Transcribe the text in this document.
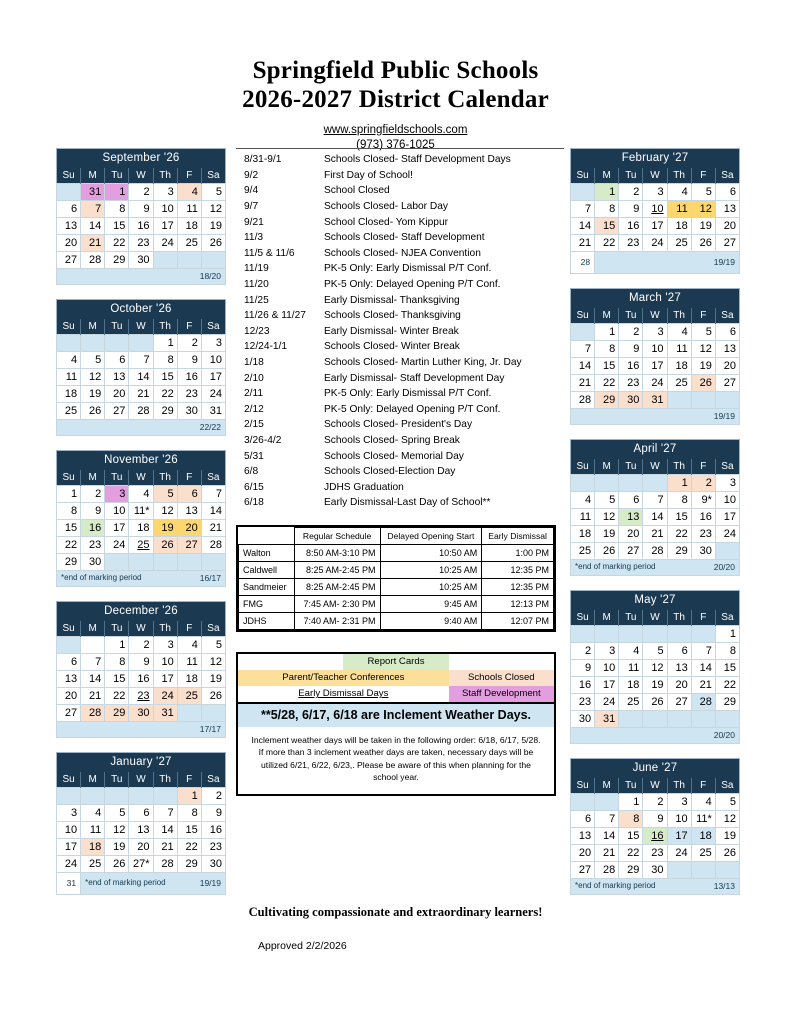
Springfield Public Schools
2026-2027 District Calendar
www.springfieldschools.com
(973) 376-1025
September '26						
Su	M	Tu	W	Th	F	Sa
	31	1	2	3	4	5
6	7	8	9	10	11	12
13	14	15	16	17	18	19
20	21	22	23	24	25	26
27	28	29	30			
18/20						
October '26						
Su	M	Tu	W	Th	F	Sa
				1	2	3
4	5	6	7	8	9	10
11	12	13	14	15	16	17
18	19	20	21	22	23	24
25	26	27	28	29	30	31
22/22						
November '26						
Su	M	Tu	W	Th	F	Sa
1	2	3	4	5	6	7
8	9	10	11*	12	13	14
15	16	17	18	19	20	21
22	23	24	25	26	27	28
29	30					

*end of marking period 16/17						
December '26						
Su	M	Tu	W	Th	F	Sa
		1	2	3	4	5
6	7	8	9	10	11	12
13	14	15	16	17	18	19
20	21	22	23	24	25	26
27	28	29	30	31		
17/17						
January '27						
Su	M	Tu	W	Th	F	Sa
					1	2
3	4	5	6	7	8	9
10	11	12	13	14	15	16
17	18	19	20	21	22	23
24	25	26	27*	28	29	30
31	*end of marking period 19/19					
February '27						
Su	M	Tu	W	Th	F	Sa
	1	2	3	4	5	6
7	8	9	10	11	12	13
14	15	16	17	18	19	20
21	22	23	24	25	26	27
28	19/19					
March '27						
Su	M	Tu	W	Th	F	Sa
	1	2	3	4	5	6
7	8	9	10	11	12	13
14	15	16	17	18	19	20
21	22	23	24	25	26	27
28	29	30	31			
19/19						
April '27						
Su	M	Tu	W	Th	F	Sa
				1	2	3
4	5	6	7	8	9*	10
11	12	13	14	15	16	17
18	19	20	21	22	23	24
25	26	27	28	29	30	

*end of marking period 20/20						
May '27						
Su	M	Tu	W	Th	F	Sa
						1
2	3	4	5	6	7	8
9	10	11	12	13	14	15
16	17	18	19	20	21	22
23	24	25	26	27	28	29
30	31					
20/20						
June '27						
Su	M	Tu	W	Th	F	Sa
		1	2	3	4	5
6	7	8	9	10	11*	12
13	14	15	16	17	18	19
20	21	22	23	24	25	26
27	28	29	30			

*end of marking period 13/13						
8/31-9/1	Schools Closed- Staff Development Days
9/2	First Day of School!
9/4	School Closed
9/7	Schools Closed- Labor Day
9/21	School Closed- Yom Kippur
11/3	Schools Closed- Staff Development
11/5 & 11/6	Schools Closed- NJEA Convention
11/19	PK-5 Only: Early Dismissal P/T Conf.
11/20	PK-5 Only: Delayed Opening P/T Conf.
11/25	Early Dismissal- Thanksgiving
11/26 & 11/27	Schools Closed- Thanksgiving
12/23	Early Dismissal- Winter Break
12/24-1/1	Schools Closed- Winter Break
1/18	Schools Closed- Martin Luther King, Jr. Day
2/10	Early Dismissal- Staff Development Day
2/11	PK-5 Only: Early Dismissal P/T Conf.
2/12	PK-5 Only: Delayed Opening P/T Conf.
2/15	Schools Closed- President's Day
3/26-4/2	Schools Closed- Spring Break
5/31	Schools Closed- Memorial Day
6/8	Schools Closed-Election Day
6/15	JDHS Graduation
6/18	Early Dismissal-Last Day of School**
	Regular Schedule	Delayed Opening Start	Early Dismissal
Walton	8:50 AM-3:10 PM	10:50 AM	1:00 PM
Caldwell	8:25 AM-2:45 PM	10:25 AM	12:35 PM
Sandmeier	8:25 AM-2:45 PM	10:25 AM	12:35 PM
FMG	7:45 AM- 2:30 PM	9:45 AM	12:13 PM
JDHS	7:40 AM- 2:31 PM	9:40 AM	12:07 PM
	Report Cards	
Parent/Teacher Conferences		Schools Closed
Early Dismissal Days		Staff Development
**5/28, 6/17, 6/18 are Inclement Weather Days.
Inclement weather days will be taken in the following order: 6/18, 6/17, 5/28. If more than 3 inclement weather days are taken, necessary days will be utilized 6/21, 6/22, 6/23,. Please be aware of this when planning for the school year.
Cultivating compassionate and extraordinary learners!
Approved 2/2/2026
